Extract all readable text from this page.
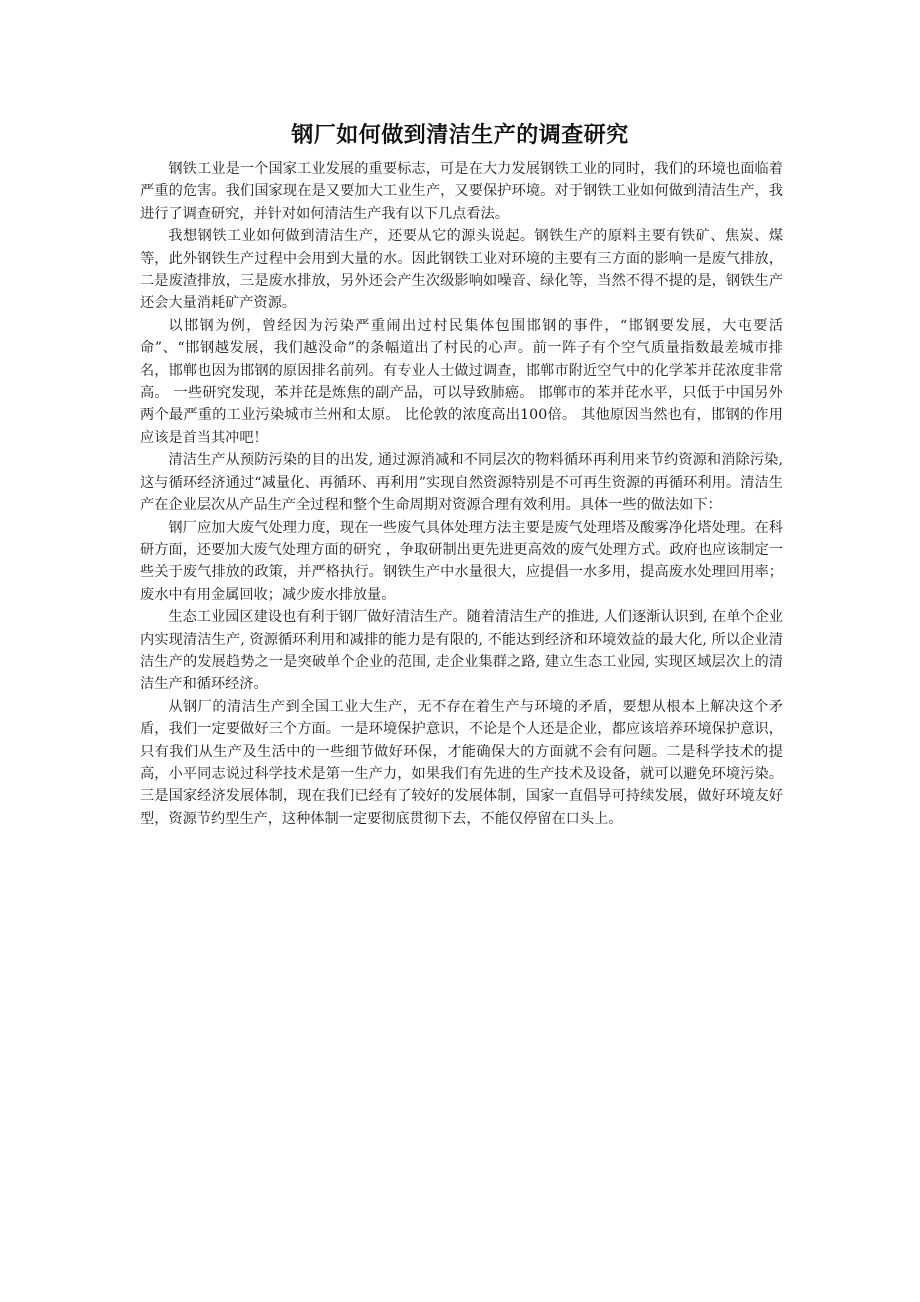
钢厂如何做到清洁生产的调查研究

钢铁工业是一个国家工业发展的重要标志，可是在大力发展钢铁工业的同时，我们的环境也面临着严重的危害。我们国家现在是又要加大工业生产，又要保护环境。对于钢铁工业如何做到清洁生产，我进行了调查研究，并针对如何清洁生产我有以下几点看法。

我想钢铁工业如何做到清洁生产，还要从它的源头说起。钢铁生产的原料主要有铁矿、焦炭、煤等，此外钢铁生产过程中会用到大量的水。因此钢铁工业对环境的主要有三方面的影响一是废气排放，二是废渣排放，三是废水排放，另外还会产生次级影响如噪音、绿化等，当然不得不提的是，钢铁生产还会大量消耗矿产资源。

以邯钢为例，曾经因为污染严重闹出过村民集体包围邯钢的事件，“邯钢要发展，大屯要活命”、“邯钢越发展，我们越没命”的条幅道出了村民的心声。前一阵子有个空气质量指数最差城市排名，邯郸也因为邯钢的原因排名前列。有专业人士做过调查，邯郸市附近空气中的化学苯并芘浓度非常高。 一些研究发现，苯并芘是炼焦的副产品，可以导致肺癌。 邯郸市的苯并芘水平，只低于中国另外两个最严重的工业污染城市兰州和太原。 比伦敦的浓度高出100倍。 其他原因当然也有，邯钢的作用应该是首当其冲吧！

清洁生产从预防污染的目的出发, 通过源消减和不同层次的物料循环再利用来节约资源和消除污染, 这与循环经济通过“减量化、再循环、再利用”实现自然资源特别是不可再生资源的再循环利用。清洁生产在企业层次从产品生产全过程和整个生命周期对资源合理有效利用。具体一些的做法如下：

钢厂应加大废气处理力度，现在一些废气具体处理方法主要是废气处理塔及酸雾净化塔处理。在科研方面，还要加大废气处理方面的研究 ，争取研制出更先进更高效的废气处理方式。政府也应该制定一些关于废气排放的政策，并严格执行。钢铁生产中水量很大，应提倡一水多用，提高废水处理回用率；废水中有用金属回收；减少废水排放量。

生态工业园区建设也有利于钢厂做好清洁生产。随着清洁生产的推进, 人们逐渐认识到, 在单个企业内实现清洁生产, 资源循环利用和减排的能力是有限的, 不能达到经济和环境效益的最大化, 所以企业清洁生产的发展趋势之一是突破单个企业的范围, 走企业集群之路, 建立生态工业园, 实现区域层次上的清洁生产和循环经济。

从钢厂的清洁生产到全国工业大生产，无不存在着生产与环境的矛盾，要想从根本上解决这个矛盾，我们一定要做好三个方面。一是环境保护意识，不论是个人还是企业，都应该培养环境保护意识，只有我们从生产及生活中的一些细节做好环保，才能确保大的方面就不会有问题。二是科学技术的提高，小平同志说过科学技术是第一生产力，如果我们有先进的生产技术及设备，就可以避免环境污染。三是国家经济发展体制，现在我们已经有了较好的发展体制，国家一直倡导可持续发展，做好环境友好型，资源节约型生产，这种体制一定要彻底贯彻下去，不能仅停留在口头上。
